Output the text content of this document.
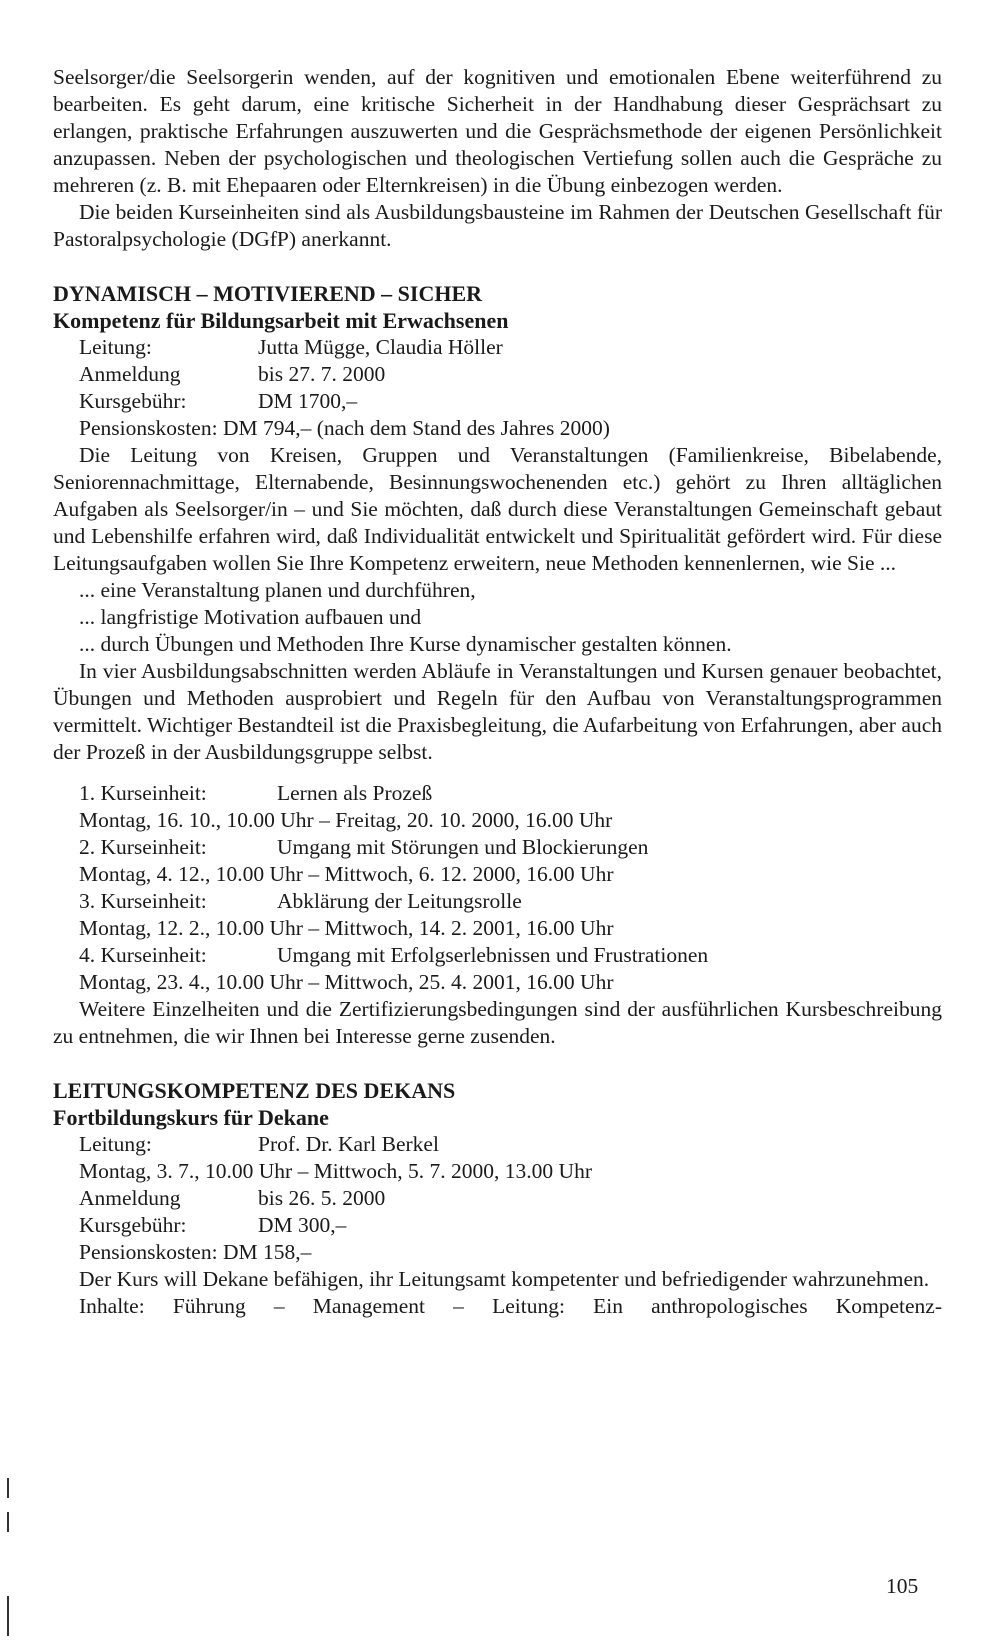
Seelsorger/die Seelsorgerin wenden, auf der kognitiven und emotionalen Ebene weiterführend zu bearbeiten. Es geht darum, eine kritische Sicherheit in der Handhabung dieser Gesprächsart zu erlangen, praktische Erfahrungen auszuwerten und die Gesprächsmethode der eigenen Persönlichkeit anzupassen. Neben der psychologischen und theologischen Vertiefung sollen auch die Gespräche zu mehreren (z. B. mit Ehepaaren oder Elternkreisen) in die Übung einbezogen werden.

Die beiden Kurseinheiten sind als Ausbildungsbausteine im Rahmen der Deutschen Gesellschaft für Pastoralpsychologie (DGfP) anerkannt.

DYNAMISCH – MOTIVIEREND – SICHER
Kompetenz für Bildungsarbeit mit Erwachsenen
Leitung:	Jutta Mügge, Claudia Höller
Anmeldung	bis 27. 7. 2000
Kursgebühr:	DM 1700,–
Pensionskosten: DM 794,– (nach dem Stand des Jahres 2000)

Die Leitung von Kreisen, Gruppen und Veranstaltungen (Familienkreise, Bibelabende, Seniorennachmittage, Elternabende, Besinnungswochenenden etc.) gehört zu Ihren alltäglichen Aufgaben als Seelsorger/in – und Sie möchten, daß durch diese Veranstaltungen Gemeinschaft gebaut und Lebenshilfe erfahren wird, daß Individualität entwickelt und Spiritualität gefördert wird. Für diese Leitungsaufgaben wollen Sie Ihre Kompetenz erweitern, neue Methoden kennenlernen, wie Sie ...

... eine Veranstaltung planen und durchführen,
... langfristige Motivation aufbauen und
... durch Übungen und Methoden Ihre Kurse dynamischer gestalten können.

In vier Ausbildungsabschnitten werden Abläufe in Veranstaltungen und Kursen genauer beobachtet, Übungen und Methoden ausprobiert und Regeln für den Aufbau von Veranstaltungsprogrammen vermittelt. Wichtiger Bestandteil ist die Praxisbegleitung, die Aufarbeitung von Erfahrungen, aber auch der Prozeß in der Ausbildungsgruppe selbst.

1. Kurseinheit:	Lernen als Prozeß
Montag, 16. 10., 10.00 Uhr – Freitag, 20. 10. 2000, 16.00 Uhr
2. Kurseinheit:	Umgang mit Störungen und Blockierungen
Montag, 4. 12., 10.00 Uhr – Mittwoch, 6. 12. 2000, 16.00 Uhr
3. Kurseinheit:	Abklärung der Leitungsrolle
Montag, 12. 2., 10.00 Uhr – Mittwoch, 14. 2. 2001, 16.00 Uhr
4. Kurseinheit:	Umgang mit Erfolgserlebnissen und Frustrationen
Montag, 23. 4., 10.00 Uhr – Mittwoch, 25. 4. 2001, 16.00 Uhr

Weitere Einzelheiten und die Zertifizierungsbedingungen sind der ausführlichen Kursbeschreibung zu entnehmen, die wir Ihnen bei Interesse gerne zusenden.

LEITUNGSKOMPETENZ DES DEKANS
Fortbildungskurs für Dekane
Leitung:	Prof. Dr. Karl Berkel
Montag, 3. 7., 10.00 Uhr – Mittwoch, 5. 7. 2000, 13.00 Uhr
Anmeldung	bis 26. 5. 2000
Kursgebühr:	DM 300,–
Pensionskosten: DM 158,–

Der Kurs will Dekane befähigen, ihr Leitungsamt kompetenter und befriedigender wahrzunehmen.

Inhalte: Führung – Management – Leitung: Ein anthropologisches Kompetenz-

105
